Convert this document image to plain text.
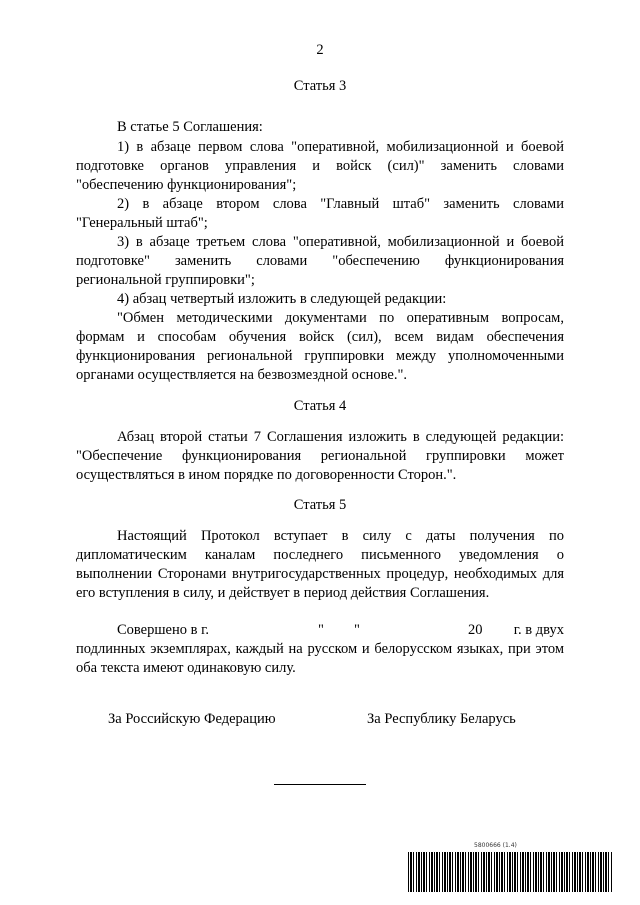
2
Статья 3
В статье 5 Соглашения:
1) в абзаце первом слова "оперативной, мобилизационной и боевой подготовке органов управления и войск (сил)" заменить словами "обеспечению функционирования";
2) в абзаце втором слова "Главный штаб" заменить словами "Генеральный штаб";
3) в абзаце третьем слова "оперативной, мобилизационной и боевой подготовке" заменить словами "обеспечению функционирования региональной группировки";
4) абзац четвертый изложить в следующей редакции:
"Обмен методическими документами по оперативным вопросам, формам и способам обучения войск (сил), всем видам обеспечения функционирования региональной группировки между уполномоченными органами осуществляется на безвозмездной основе.".
Статья 4
Абзац второй статьи 7 Соглашения изложить в следующей редакции: "Обеспечение функционирования региональной группировки может осуществляться в ином порядке по договоренности Сторон.".
Статья 5
Настоящий Протокол вступает в силу с даты получения по дипломатическим каналам последнего письменного уведомления о выполнении Сторонами внутригосударственных процедур, необходимых для его вступления в силу, и действует в период действия Соглашения.
Совершено в г.	" "	20 г. в двух
подлинных экземплярах, каждый на русском и белорусском языках, при этом оба текста имеют одинаковую силу.
За Российскую Федерацию	За Республику Беларусь
5800666 (1.4)
